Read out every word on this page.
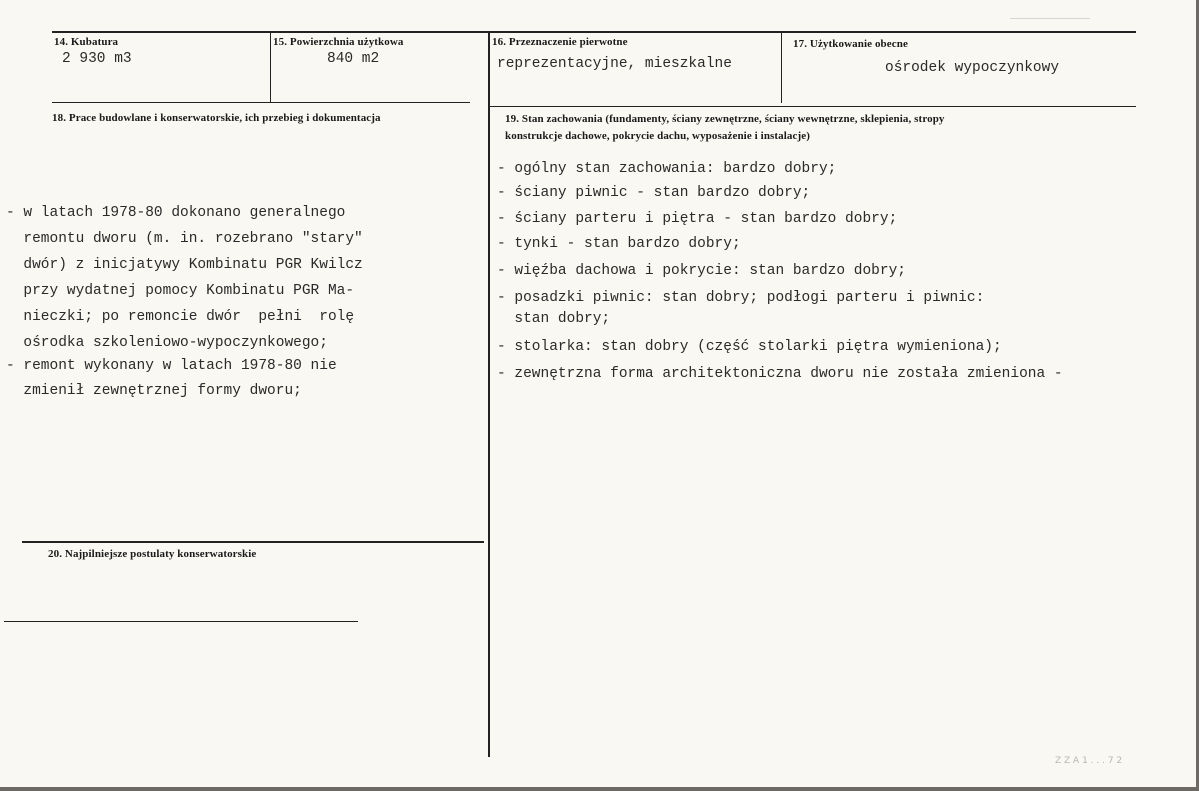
14. Kubatura
2 930 m3
15. Powierzchnia użytkowa
840 m2
16. Przeznaczenie pierwotne
reprezentacyjne, mieszkalne
17. Użytkowanie obecne
ośrodek wypoczynkowy
18. Prace budowlane i konserwatorskie, ich przebieg i dokumentacja
- w latach 1978-80 dokonano generalnego
remontu dworu (m. in. rozebrano "stary"
dwór) z inicjatywy Kombinatu PGR Kwilcz
przy wydatnej pomocy Kombinatu PGR Ma-
nieczki; po remoncie dwór  pełni  rolę
ośrodka szkoleniowo-wypoczynkowego;
- remont wykonany w latach 1978-80 nie
zmienił zewnętrznej formy dworu;
20. Najpilniejsze postulaty konserwatorskie
19. Stan zachowania (fundamenty, ściany zewnętrzne, ściany wewnętrzne, sklepienia, stropy
konstrukcje dachowe, pokrycie dachu, wyposażenie i instalacje)
- ogólny stan zachowania: bardzo dobry;
- ściany piwnic - stan bardzo dobry;
- ściany parteru i piętra - stan bardzo dobry;
- tynki - stan bardzo dobry;
- więźba dachowa i pokrycie: stan bardzo dobry;
- posadzki piwnic: stan dobry; podłogi parteru i piwnic:
stan dobry;
- stolarka: stan dobry (część stolarki piętra wymieniona);
- zewnętrzna forma architektoniczna dworu nie została zmieniona -
Z Z A 1 . . . 7 2
